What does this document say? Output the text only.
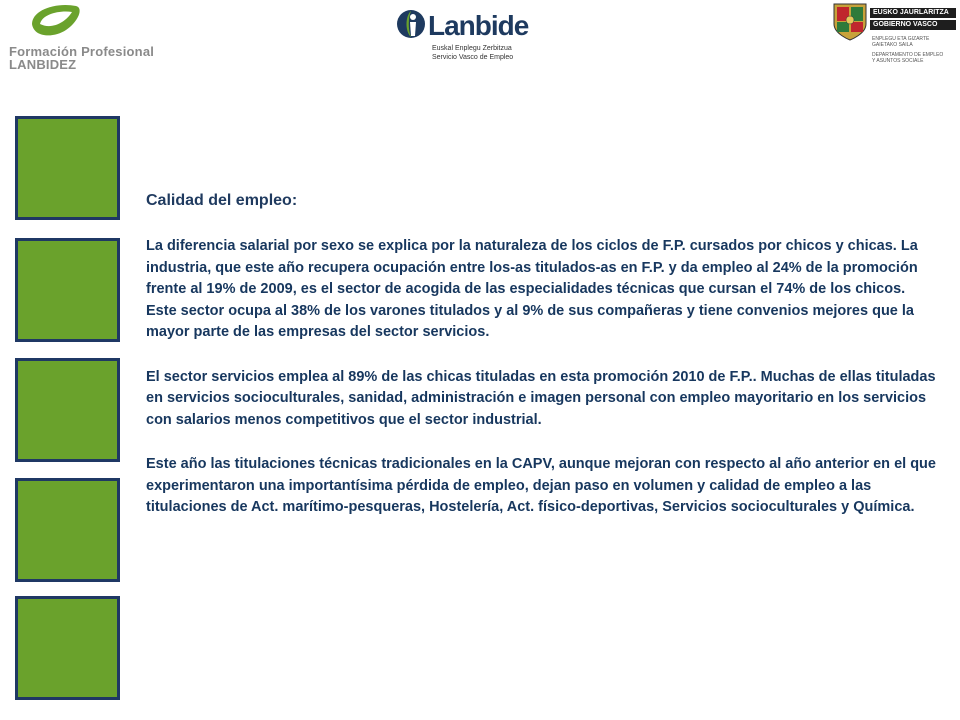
Formación Profesional
LANBIDEZ
Lanbide
Euskal Enplegu Zerbitzua
Servicio Vasco de Empleo
EUSKO JAURLARITZA
GOBIERNO VASCO
ENPLEGU ETA GIZARTE
GAIETAKO SAILA
DEPARTAMENTO DE EMPLEO
Y ASUNTOS SOCIALE
Calidad del empleo:

La diferencia salarial por sexo se explica por la naturaleza de los ciclos de F.P. cursados por chicos y chicas. La industria, que este año recupera ocupación entre los-as titulados-as en F.P. y da empleo al 24% de la promoción frente al 19% de 2009, es el sector de acogida de las especialidades técnicas que cursan el 74% de los chicos. Este sector ocupa al 38% de los varones titulados y al 9% de sus compañeras y tiene convenios mejores que la mayor parte de las empresas del sector servicios.

El sector servicios emplea al 89% de las chicas tituladas en esta promoción 2010 de F.P.. Muchas de ellas tituladas en servicios socioculturales, sanidad, administración e imagen personal con empleo mayoritario en los servicios con salarios menos competitivos que el sector industrial.

Este año las titulaciones técnicas tradicionales en la CAPV, aunque mejoran con respecto al año anterior en el que experimentaron una importantísima pérdida de empleo, dejan paso en volumen y calidad de empleo a las titulaciones de Act. marítimo-pesqueras, Hostelería, Act. físico-deportivas, Servicios socioculturales y Química.
